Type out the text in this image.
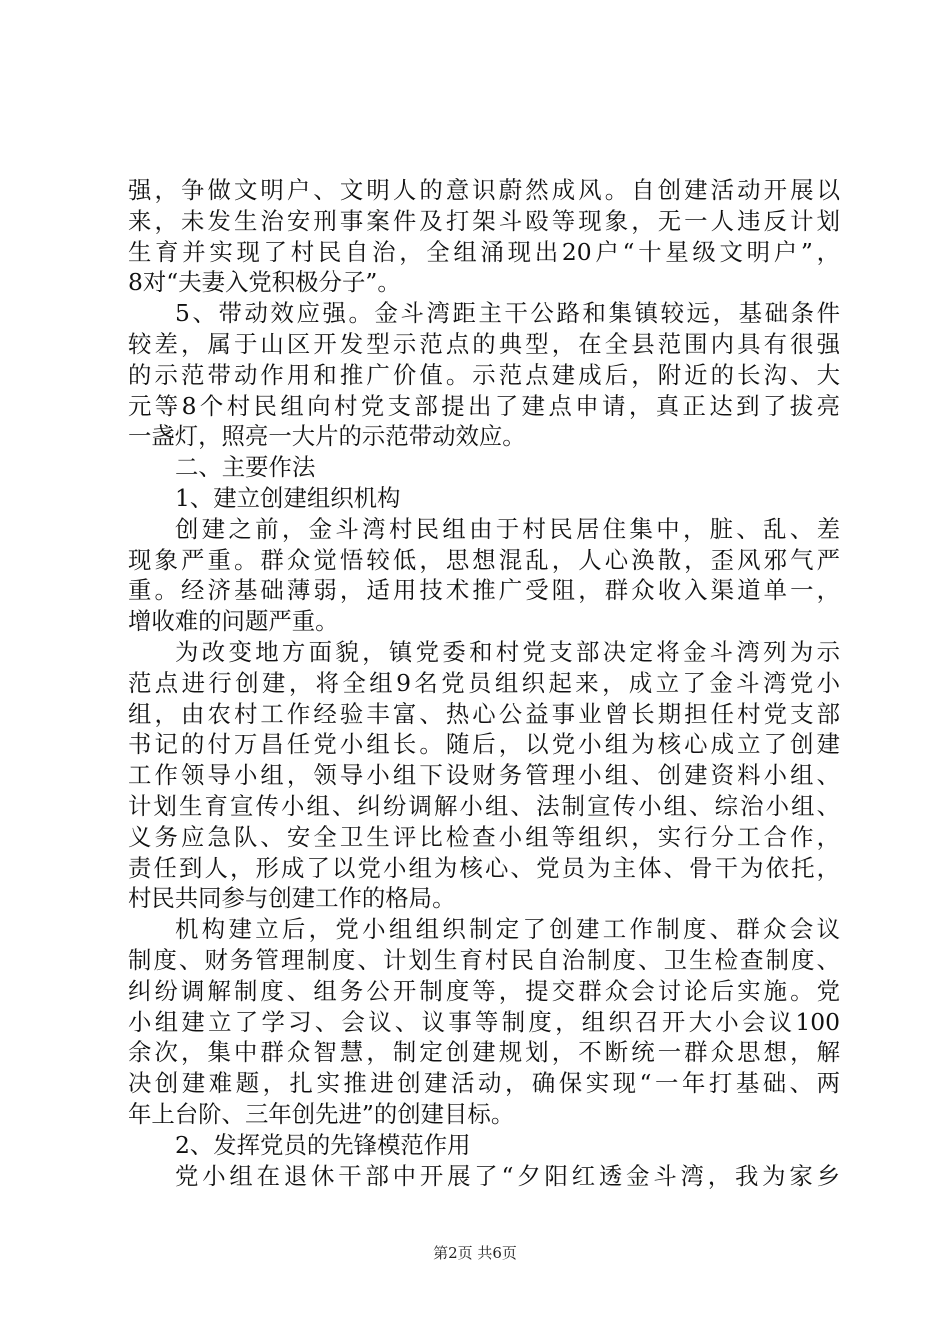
强，争做文明户、文明人的意识蔚然成风。自创建活动开展以

来，未发生治安刑事案件及打架斗殴等现象，无一人违反计划

生育并实现了村民自治，全组涌现出20户“十星级文明户”，

8对“夫妻入党积极分子”。

5、带动效应强。金斗湾距主干公路和集镇较远，基础条件

较差，属于山区开发型示范点的典型，在全县范围内具有很强

的示范带动作用和推广价值。示范点建成后，附近的长沟、大

元等8个村民组向村党支部提出了建点申请，真正达到了拔亮

一盏灯，照亮一大片的示范带动效应。

二、主要作法

1、建立创建组织机构

创建之前，金斗湾村民组由于村民居住集中，脏、乱、差

现象严重。群众觉悟较低，思想混乱，人心涣散，歪风邪气严

重。经济基础薄弱，适用技术推广受阻，群众收入渠道单一，

增收难的问题严重。

为改变地方面貌，镇党委和村党支部决定将金斗湾列为示

范点进行创建，将全组9名党员组织起来，成立了金斗湾党小

组，由农村工作经验丰富、热心公益事业曾长期担任村党支部

书记的付万昌任党小组长。随后，以党小组为核心成立了创建

工作领导小组，领导小组下设财务管理小组、创建资料小组、

计划生育宣传小组、纠纷调解小组、法制宣传小组、综治小组、

义务应急队、安全卫生评比检查小组等组织，实行分工合作，

责任到人，形成了以党小组为核心、党员为主体、骨干为依托，

村民共同参与创建工作的格局。

机构建立后，党小组组织制定了创建工作制度、群众会议

制度、财务管理制度、计划生育村民自治制度、卫生检查制度、

纠纷调解制度、组务公开制度等，提交群众会讨论后实施。党

小组建立了学习、会议、议事等制度，组织召开大小会议100

余次，集中群众智慧，制定创建规划，不断统一群众思想，解

决创建难题，扎实推进创建活动，确保实现“一年打基础、两

年上台阶、三年创先进”的创建目标。

2、发挥党员的先锋模范作用

党小组在退休干部中开展了“夕阳红透金斗湾，我为家乡

第2页 共6页
